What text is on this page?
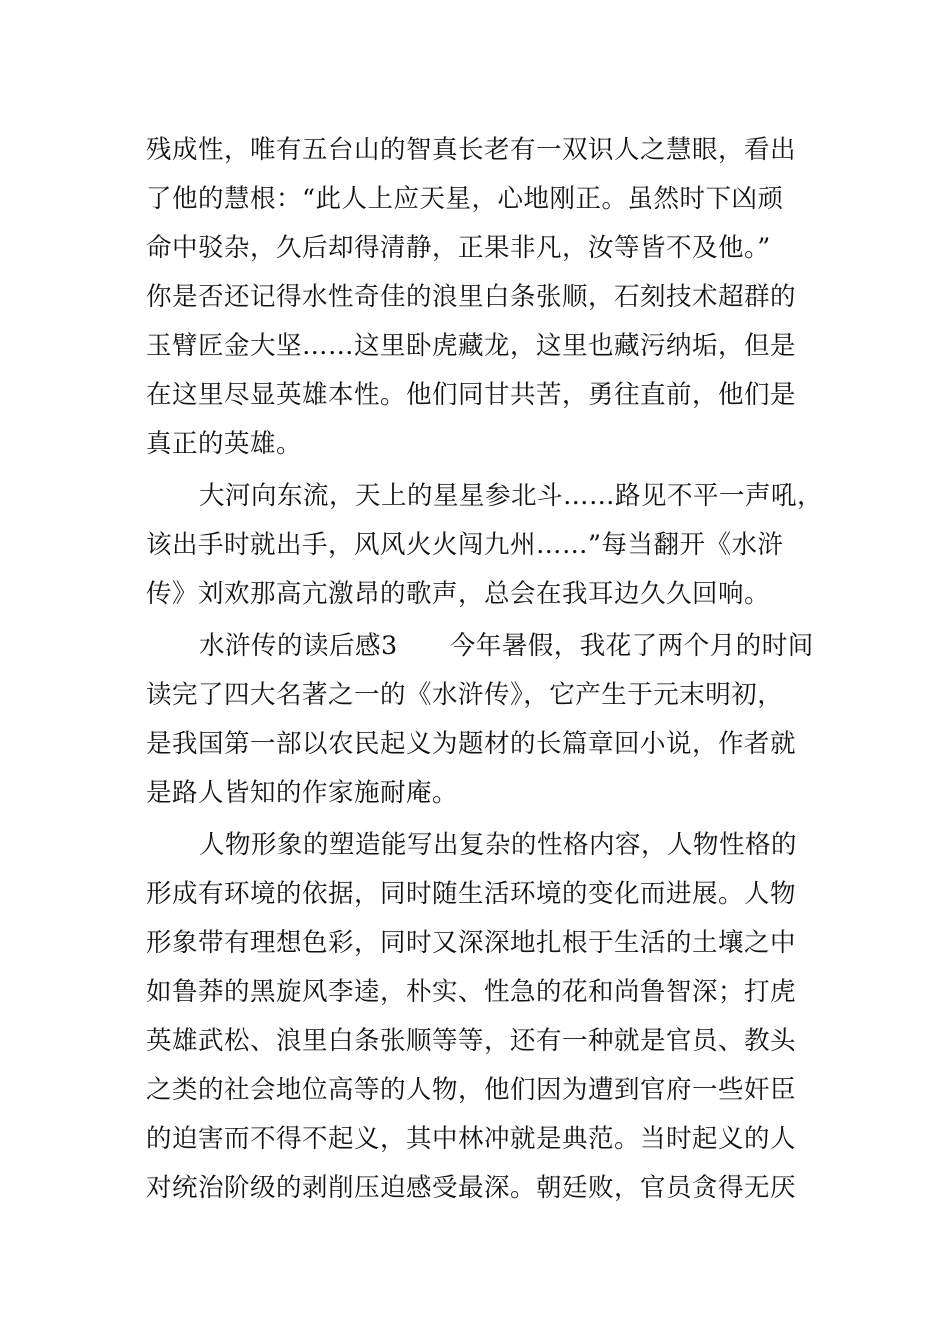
残成性，唯有五台山的智真长老有一双识人之慧眼，看出
了他的慧根：“此人上应天星，心地刚正。虽然时下凶顽
命中驳杂，久后却得清静，正果非凡，汝等皆不及他。”
你是否还记得水性奇佳的浪里白条张顺，石刻技术超群的
玉臂匠金大坚……这里卧虎藏龙，这里也藏污纳垢，但是
在这里尽显英雄本性。他们同甘共苦，勇往直前，他们是
真正的英雄。
大河向东流，天上的星星参北斗……路见不平一声吼，
该出手时就出手，风风火火闯九州……”每当翻开《水浒
传》刘欢那高亢激昂的歌声，总会在我耳边久久回响。
水浒传的读后感3　　今年暑假，我花了两个月的时间
读完了四大名著之一的《水浒传》，它产生于元末明初，
是我国第一部以农民起义为题材的长篇章回小说，作者就
是路人皆知的作家施耐庵。
人物形象的塑造能写出复杂的性格内容，人物性格的
形成有环境的依据，同时随生活环境的变化而进展。人物
形象带有理想色彩，同时又深深地扎根于生活的土壤之中
如鲁莽的黑旋风李逵，朴实、性急的花和尚鲁智深；打虎
英雄武松、浪里白条张顺等等，还有一种就是官员、教头
之类的社会地位高等的人物，他们因为遭到官府一些奸臣
的迫害而不得不起义，其中林冲就是典范。当时起义的人
对统治阶级的剥削压迫感受最深。朝廷败，官员贪得无厌
